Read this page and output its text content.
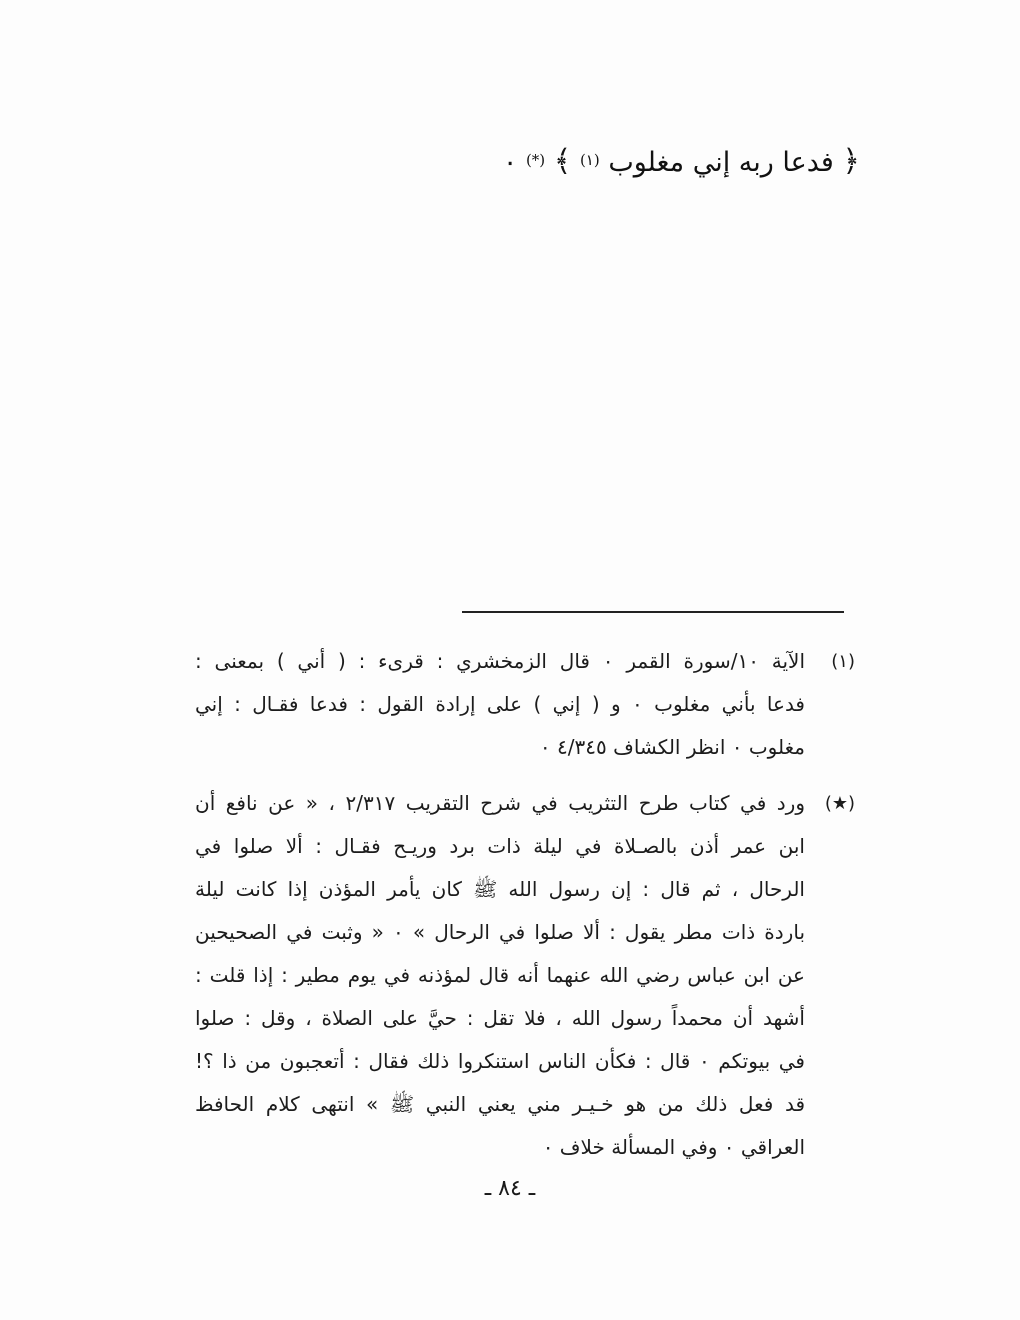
﴿ فدعا ربه إني مغلوب $^{(١)}$ ﴾ (*) ٠
(١)
الآية ١٠/سورة القمر ٠ قال الزمخشري : قرىء : ( أني ) بمعنى :
فدعا بأني مغلوب ٠ و ( إني ) على إرادة القول : فدعا فقـال : إني
مغلوب ٠ انظر الكشاف ٤/٣٤٥ ٠
(★)
ورد في كتاب طرح التثريب في شرح التقريب ٢/٣١٧ ، « عن نافع أن
ابن عمر أذن بالصـلاة في ليلة ذات برد وريـح فقـال : ألا صلوا في
الرحال ، ثم قال : إن رسول الله ﷺ كان يأمر المؤذن إذا كانت ليلة
باردة ذات مطر يقول : ألا صلوا في الرحال » ٠ « وثبت في الصحيحين
عن ابن عباس رضي الله عنهما أنه قال لمؤذنه في يوم مطير : إذا قلت :
أشهد أن محمداً رسول الله ، فلا تقل : حيَّ على الصلاة ، وقل : صلوا
في بيوتكم ٠ قال : فكأن الناس استنكروا ذلك فقال : أتعجبون من ذا ؟!
قد فعل ذلك من هو خـيـر مني يعني النبي ﷺ » انتهى كلام الحافظ
العراقي ٠ وفي المسألة خلاف ٠
ـ ٨٤ ـ
